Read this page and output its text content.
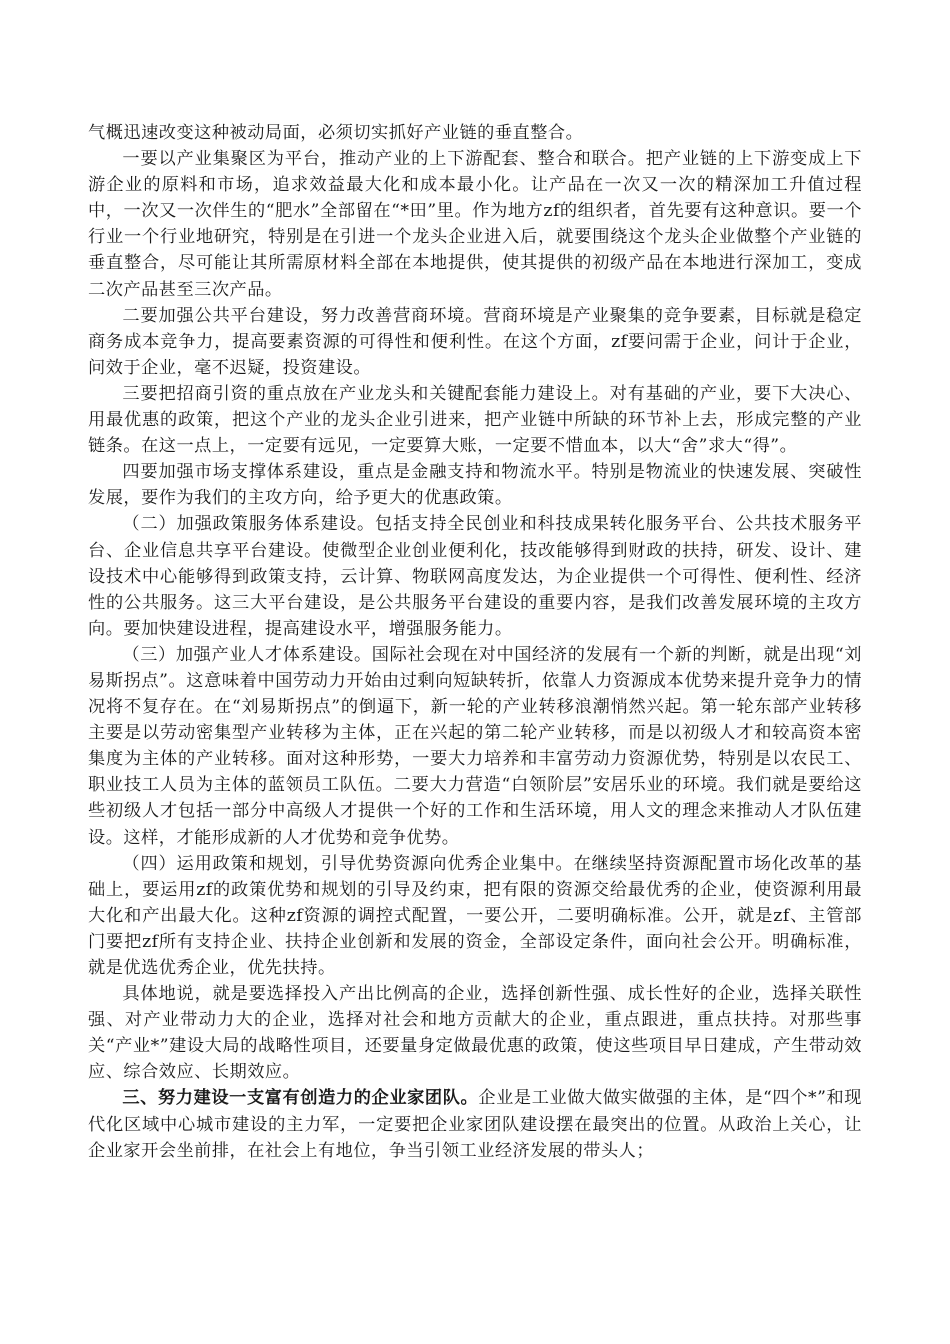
气概迅速改变这种被动局面，必须切实抓好产业链的垂直整合。

一要以产业集聚区为平台，推动产业的上下游配套、整合和联合。把产业链的上下游变成上下游企业的原料和市场，追求效益最大化和成本最小化。让产品在一次又一次的精深加工升值过程中，一次又一次伴生的“肥水”全部留在“*田”里。作为地方zf的组织者，首先要有这种意识。要一个行业一个行业地研究，特别是在引进一个龙头企业进入后，就要围绕这个龙头企业做整个产业链的垂直整合，尽可能让其所需原材料全部在本地提供，使其提供的初级产品在本地进行深加工，变成二次产品甚至三次产品。

二要加强公共平台建设，努力改善营商环境。营商环境是产业聚集的竞争要素，目标就是稳定商务成本竞争力，提高要素资源的可得性和便利性。在这个方面，zf要问需于企业，问计于企业，问效于企业，毫不迟疑，投资建设。

三要把招商引资的重点放在产业龙头和关键配套能力建设上。对有基础的产业，要下大决心、用最优惠的政策，把这个产业的龙头企业引进来，把产业链中所缺的环节补上去，形成完整的产业链条。在这一点上，一定要有远见，一定要算大账，一定要不惜血本，以大“舍”求大“得”。

四要加强市场支撑体系建设，重点是金融支持和物流水平。特别是物流业的快速发展、突破性发展，要作为我们的主攻方向，给予更大的优惠政策。

（二）加强政策服务体系建设。包括支持全民创业和科技成果转化服务平台、公共技术服务平台、企业信息共享平台建设。使微型企业创业便利化，技改能够得到财政的扶持，研发、设计、建设技术中心能够得到政策支持，云计算、物联网高度发达，为企业提供一个可得性、便利性、经济性的公共服务。这三大平台建设，是公共服务平台建设的重要内容，是我们改善发展环境的主攻方向。要加快建设进程，提高建设水平，增强服务能力。

（三）加强产业人才体系建设。国际社会现在对中国经济的发展有一个新的判断，就是出现“刘易斯拐点”。这意味着中国劳动力开始由过剩向短缺转折，依靠人力资源成本优势来提升竞争力的情况将不复存在。在“刘易斯拐点”的倒逼下，新一轮的产业转移浪潮悄然兴起。第一轮东部产业转移主要是以劳动密集型产业转移为主体，正在兴起的第二轮产业转移，而是以初级人才和较高资本密集度为主体的产业转移。面对这种形势，一要大力培养和丰富劳动力资源优势，特别是以农民工、职业技工人员为主体的蓝领员工队伍。二要大力营造“白领阶层”安居乐业的环境。我们就是要给这些初级人才包括一部分中高级人才提供一个好的工作和生活环境，用人文的理念来推动人才队伍建设。这样，才能形成新的人才优势和竞争优势。

（四）运用政策和规划，引导优势资源向优秀企业集中。在继续坚持资源配置市场化改革的基础上，要运用zf的政策优势和规划的引导及约束，把有限的资源交给最优秀的企业，使资源利用最大化和产出最大化。这种zf资源的调控式配置，一要公开，二要明确标准。公开，就是zf、主管部门要把zf所有支持企业、扶持企业创新和发展的资金，全部设定条件，面向社会公开。明确标准，就是优选优秀企业，优先扶持。

具体地说，就是要选择投入产出比例高的企业，选择创新性强、成长性好的企业，选择关联性强、对产业带动力大的企业，选择对社会和地方贡献大的企业，重点跟进，重点扶持。对那些事关“产业*”建设大局的战略性项目，还要量身定做最优惠的政策，使这些项目早日建成，产生带动效应、综合效应、长期效应。

三、努力建设一支富有创造力的企业家团队。企业是工业做大做实做强的主体，是“四个*”和现代化区域中心城市建设的主力军，一定要把企业家团队建设摆在最突出的位置。从政治上关心，让企业家开会坐前排，在社会上有地位，争当引领工业经济发展的带头人；
